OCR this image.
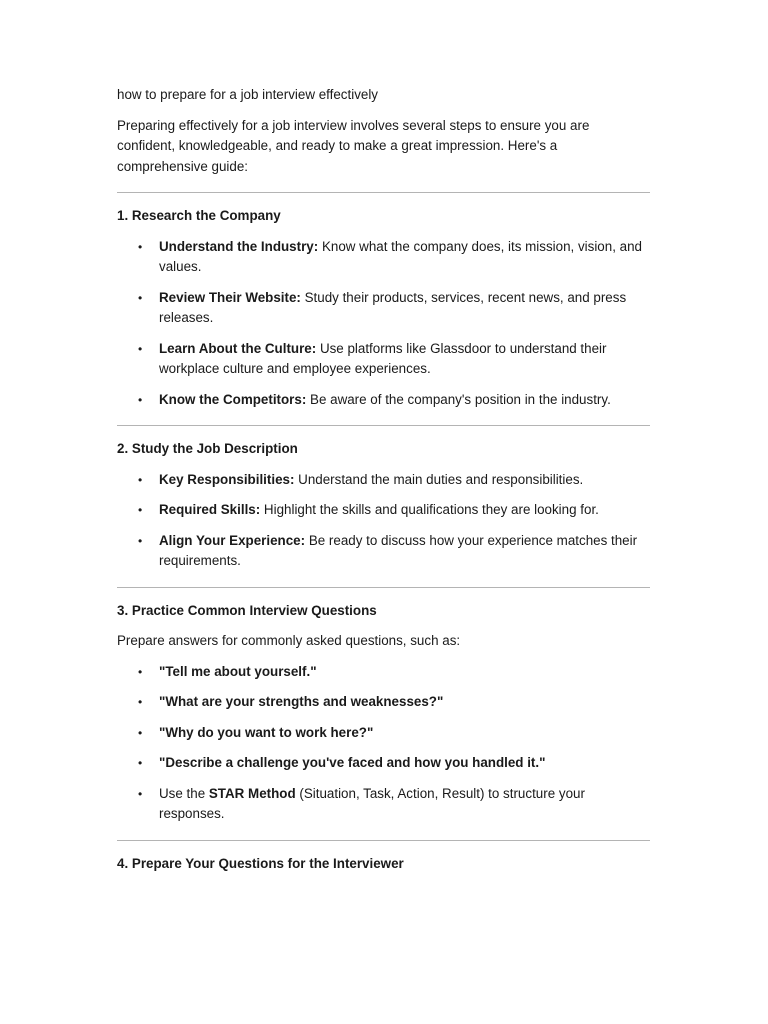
how to prepare for a job interview effectively

Preparing effectively for a job interview involves several steps to ensure you are confident, knowledgeable, and ready to make a great impression. Here's a comprehensive guide:

1. Research the Company
• Understand the Industry: Know what the company does, its mission, vision, and values.
• Review Their Website: Study their products, services, recent news, and press releases.
• Learn About the Culture: Use platforms like Glassdoor to understand their workplace culture and employee experiences.
• Know the Competitors: Be aware of the company's position in the industry.
2. Study the Job Description
• Key Responsibilities: Understand the main duties and responsibilities.
• Required Skills: Highlight the skills and qualifications they are looking for.
• Align Your Experience: Be ready to discuss how your experience matches their requirements.
3. Practice Common Interview Questions

Prepare answers for commonly asked questions, such as:

• "Tell me about yourself."
• "What are your strengths and weaknesses?"
• "Why do you want to work here?"
• "Describe a challenge you've faced and how you handled it."
• Use the STAR Method (Situation, Task, Action, Result) to structure your responses.
4. Prepare Your Questions for the Interviewer
